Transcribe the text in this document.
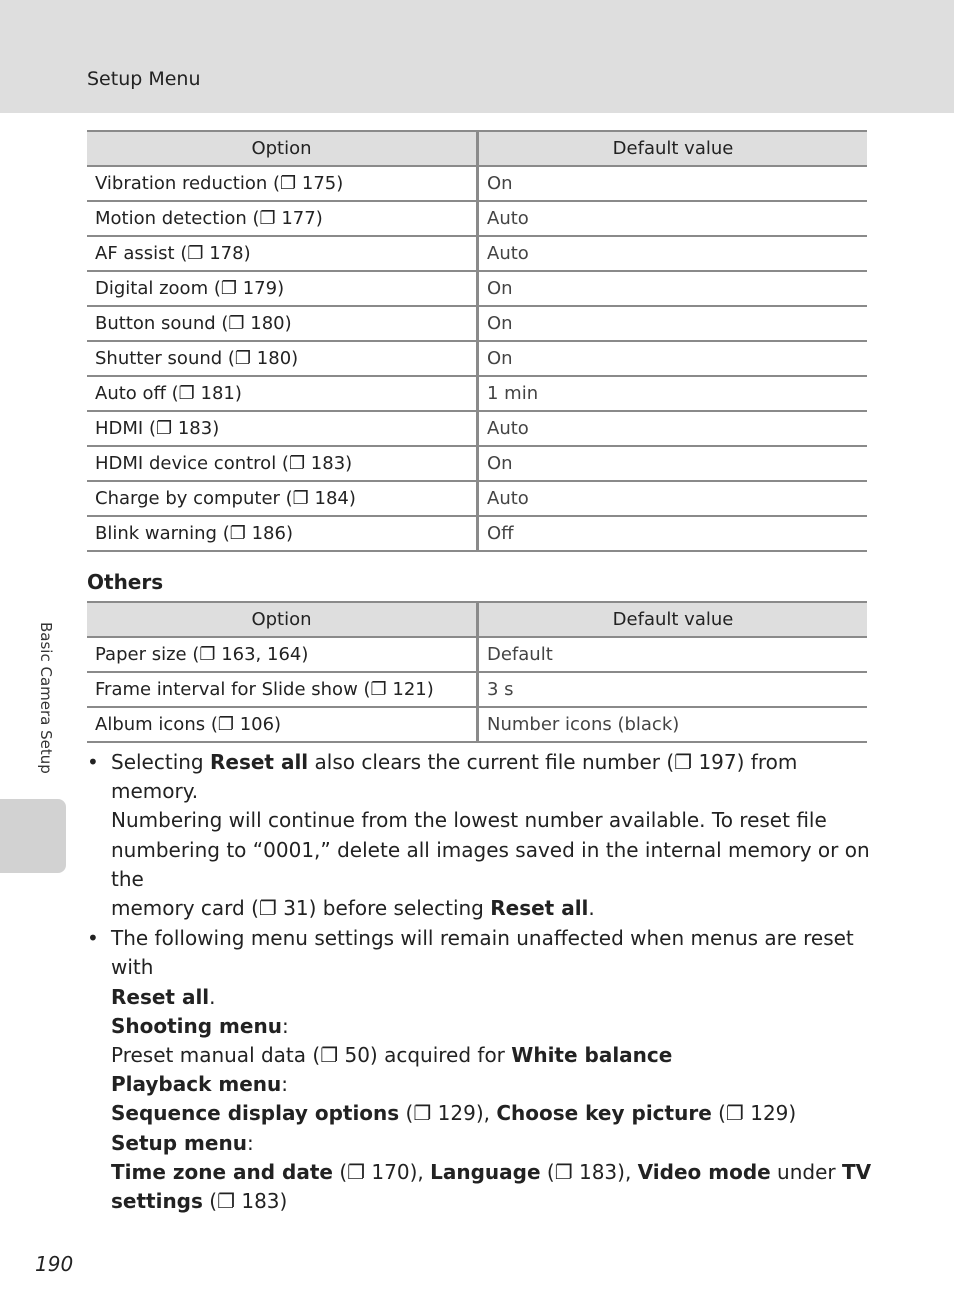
Setup Menu
Option	Default value
Vibration reduction (❐ 175)	On
Motion detection (❐ 177)	Auto
AF assist (❐ 178)	Auto
Digital zoom (❐ 179)	On
Button sound (❐ 180)	On
Shutter sound (❐ 180)	On
Auto off (❐ 181)	1 min
HDMI (❐ 183)	Auto
HDMI device control (❐ 183)	On
Charge by computer (❐ 184)	Auto
Blink warning (❐ 186)	Off
Others
Option	Default value
Paper size (❐ 163, 164)	Default
Frame interval for Slide show (❐ 121)	3 s
Album icons (❐ 106)	Number icons (black)
• Selecting Reset all also clears the current file number (❐ 197) from memory.
Numbering will continue from the lowest number available. To reset file
numbering to “0001,” delete all images saved in the internal memory or on the
memory card (❐ 31) before selecting Reset all.
• The following menu settings will remain unaffected when menus are reset with
Reset all.
Shooting menu:
Preset manual data (❐ 50) acquired for White balance
Playback menu:
Sequence display options (❐ 129), Choose key picture (❐ 129)
Setup menu:
Time zone and date (❐ 170), Language (❐ 183), Video mode under TV
settings (❐ 183)
Basic Camera Setup
190
